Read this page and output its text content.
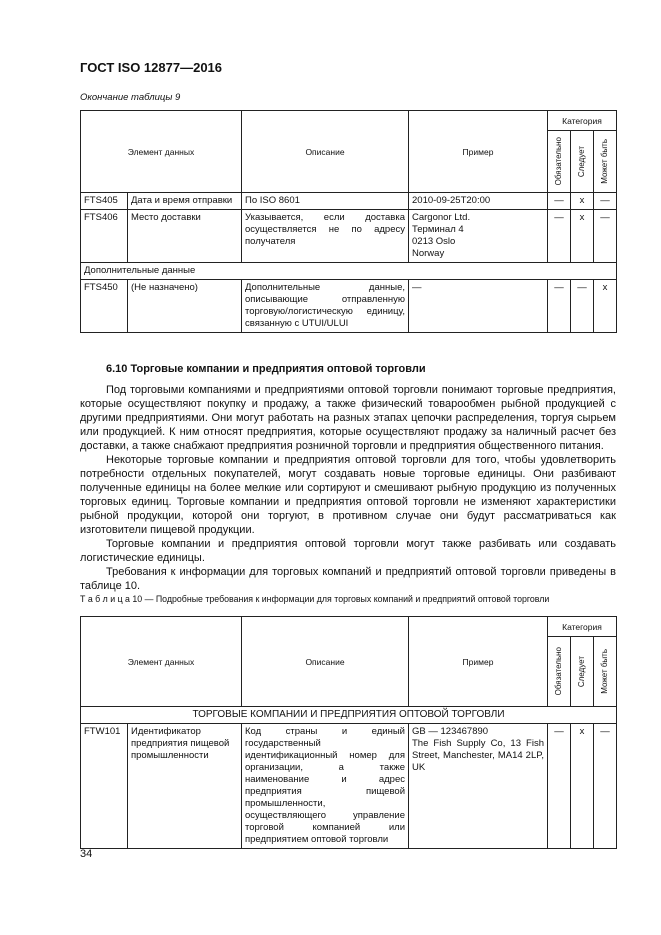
ГОСТ ISO 12877—2016
Окончание таблицы 9
Элемент данных		Описание	Пример	Категория		

				Обязательно	Следует	Может быть

FTS405	Дата и время отправки	По ISO 8601	2010-09-25T20:00	—	x	—
FTS406	Место доставки	Указывается, если доставка осуществляется не по адресу получателя	Cargonor Ltd.
Терминал 4
0213 Oslo
Norway	—	x	—
Дополнительные данные						
FTS450	(Не назначено)	Дополнительные данные, описывающие отправленную торговую/логистическую единицу, связанную с UTUI/ULUI	—	—	—	x
6.10 Торговые компании и предприятия оптовой торговли

Под торговыми компаниями и предприятиями оптовой торговли понимают торговые предприятия, которые осуществляют покупку и продажу, а также физический товарообмен рыбной продукцией с другими предприятиями. Они могут работать на разных этапах цепочки распределения, торгуя сырьем или продукцией. К ним относят предприятия, которые осуществляют продажу за наличный расчет без доставки, а также снабжают предприятия розничной торговли и предприятия общественного питания.

Некоторые торговые компании и предприятия оптовой торговли для того, чтобы удовлетворить потребности отдельных покупателей, могут создавать новые торговые единицы. Они разбивают полученные единицы на более мелкие или сортируют и смешивают рыбную продукцию из полученных торговых единиц. Торговые компании и предприятия оптовой торговли не изменяют характеристики рыбной продукции, которой они торгуют, в противном случае они будут рассматриваться как изготовители пищевой продукции.

Торговые компании и предприятия оптовой торговли могут также разбивать или создавать логистические единицы.

Требования к информации для торговых компаний и предприятий оптовой торговли приведены в таблице 10.

Т а б л и ц а 10 — Подробные требования к информации для торговых компаний и предприятий оптовой торговли
Элемент данных		Описание	Пример	Категория		

				Обязательно	Следует	Может быть

ТОРГОВЫЕ КОМПАНИИ И ПРЕДПРИЯТИЯ ОПТОВОЙ ТОРГОВЛИ						
FTW101	Идентификатор предприятия пищевой промышленности	Код страны и единый государственный идентификационный номер для организации, а также наименование и адрес предприятия пищевой промышленности, осуществляющего управление торговой компанией или предприятием оптовой торговли	GB — 123467890
The Fish Supply Co, 13 Fish Street, Manchester, MA14 2LP, UK	—	x	—
34
